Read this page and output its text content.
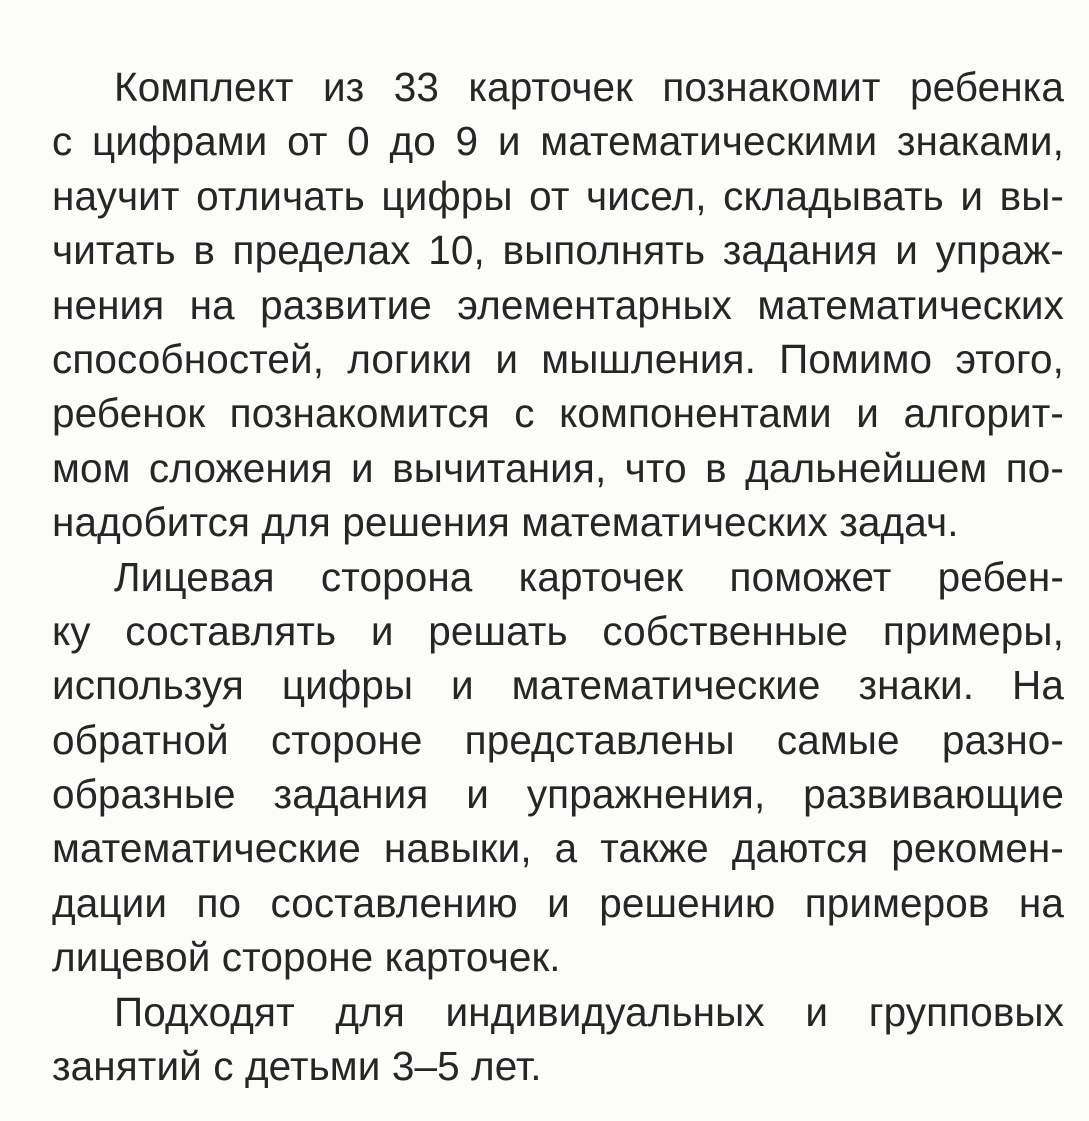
Комплект из 33 карточек познакомит ребенка
с цифрами от 0 до 9 и математическими знаками,
научит отличать цифры от чисел, складывать и вы-
читать в пределах 10, выполнять задания и упраж-
нения на развитие элементарных математических
способностей, логики и мышления. Помимо этого,
ребенок познакомится с компонентами и алгорит-
мом сложения и вычитания, что в дальнейшем по-
надобится для решения математических задач.
Лицевая сторона карточек поможет ребен-
ку составлять и решать собственные примеры,
используя цифры и математические знаки. На
обратной стороне представлены самые разно-
образные задания и упражнения, развивающие
математические навыки, а также даются рекомен-
дации по составлению и решению примеров на
лицевой стороне карточек.
Подходят для индивидуальных и групповых
занятий с детьми 3–5 лет.
